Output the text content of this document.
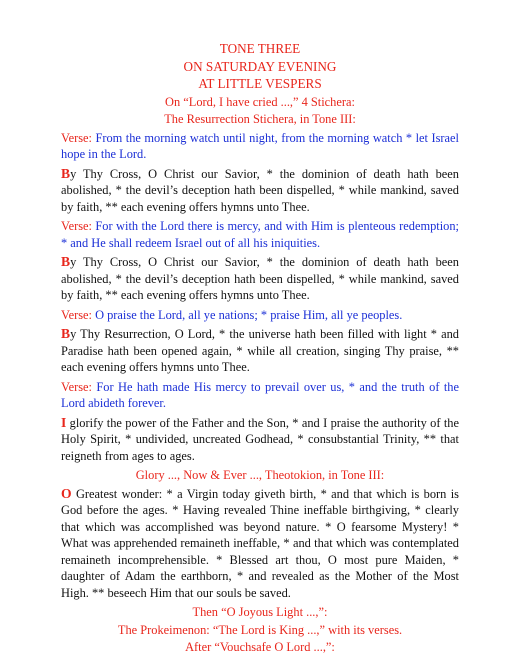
TONE THREE
ON SATURDAY EVENING
AT LITTLE VESPERS
On “Lord, I have cried ...,” 4 Stichera:
The Resurrection Stichera, in Tone III:
Verse: From the morning watch until night, from the morning watch * let Israel hope in the Lord.
By Thy Cross, O Christ our Savior, * the dominion of death hath been abolished, * the devil’s deception hath been dispelled, * while mankind, saved by faith, ** each evening offers hymns unto Thee.
Verse: For with the Lord there is mercy, and with Him is plenteous redemption; * and He shall redeem Israel out of all his iniquities.
By Thy Cross, O Christ our Savior, * the dominion of death hath been abolished, * the devil’s deception hath been dispelled, * while mankind, saved by faith, ** each evening offers hymns unto Thee.
Verse: O praise the Lord, all ye nations; * praise Him, all ye peoples.
By Thy Resurrection, O Lord, * the universe hath been filled with light * and Paradise hath been opened again, * while all creation, singing Thy praise, ** each evening offers hymns unto Thee.
Verse: For He hath made His mercy to prevail over us, * and the truth of the Lord abideth forever.
I glorify the power of the Father and the Son, * and I praise the authority of the Holy Spirit, * undivided, uncreated Godhead, * consubstantial Trinity, ** that reigneth from ages to ages.
Glory ..., Now & Ever ..., Theotokion, in Tone III:
O Greatest wonder: * a Virgin today giveth birth, * and that which is born is God before the ages. * Having revealed Thine ineffable birthgiving, * clearly that which was accomplished was beyond nature. * O fearsome Mystery! * What was apprehended remaineth ineffable, * and that which was contemplated remaineth incomprehensible. * Blessed art thou, O most pure Maiden, * daughter of Adam the earthborn, * and revealed as the Mother of the Most High. ** beseech Him that our souls be saved.
Then “O Joyous Light ...,”:
The Prokeimenon: “The Lord is King ...,” with its verses.
After “Vouchsafe O Lord ...,”:
